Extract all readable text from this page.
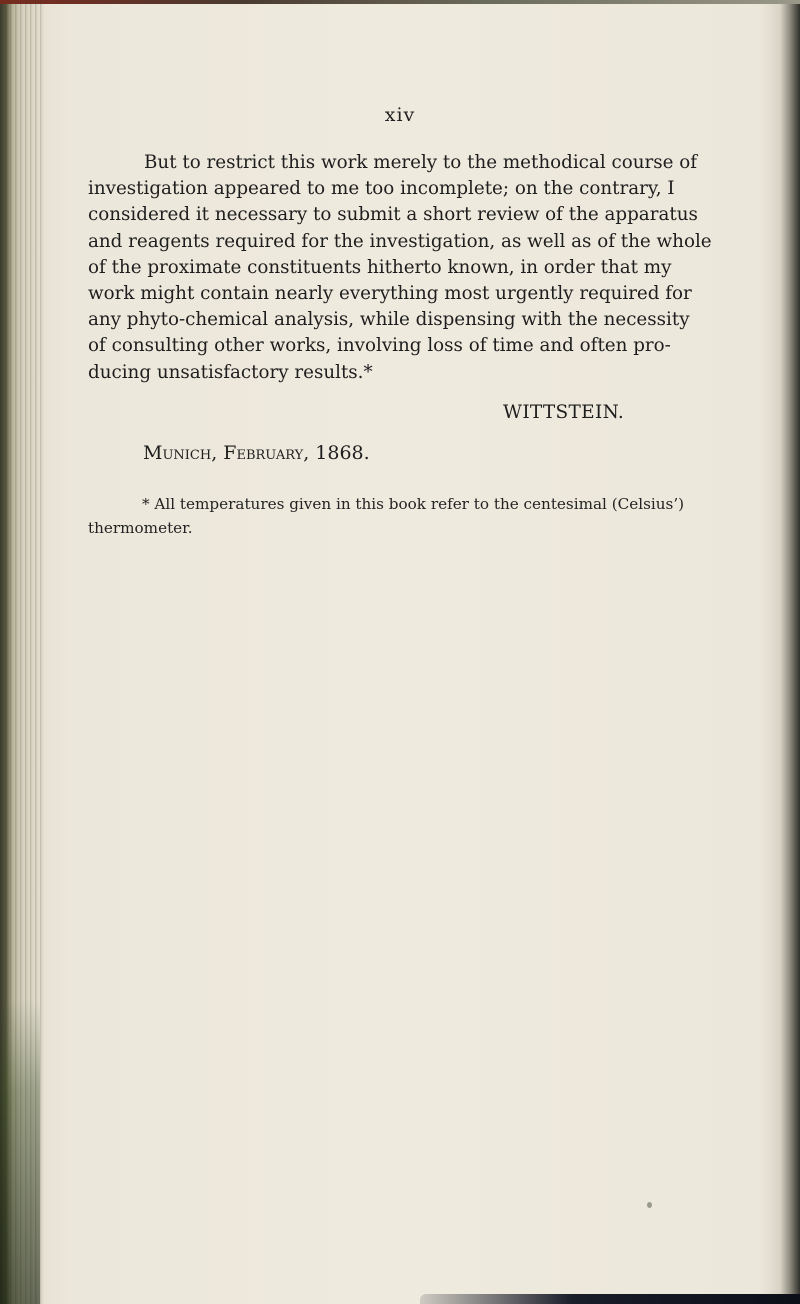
xiv
But to restrict this work merely to the methodical course of
investigation appeared to me too incomplete; on the contrary, I
considered it necessary to submit a short review of the apparatus
and reagents required for the investigation, as well as of the whole
of the proximate constituents hitherto known, in order that my
work might contain nearly everything most urgently required for
any phyto-chemical analysis, while dispensing with the necessity
of consulting other works, involving loss of time and often pro-
ducing unsatisfactory results.*
WITTSTEIN.
Munich, February, 1868.
* All temperatures given in this book refer to the centesimal (Celsius’)
thermometer.
